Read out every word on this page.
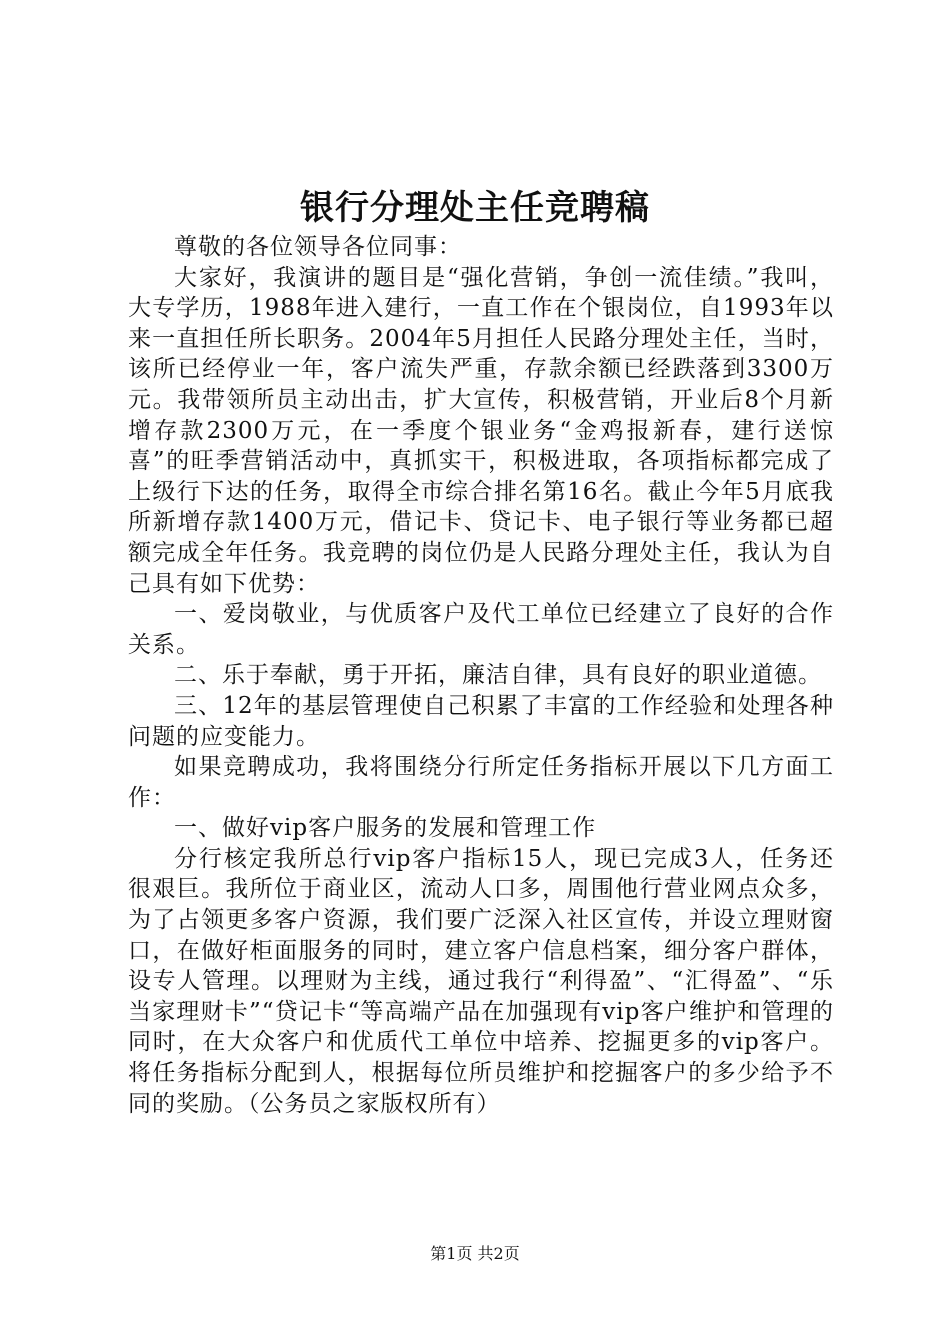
银行分理处主任竞聘稿

尊敬的各位领导各位同事：

大家好，我演讲的题目是“强化营销，争创一流佳绩。”我叫，大专学历，1988年进入建行，一直工作在个银岗位，自1993年以来一直担任所长职务。2004年5月担任人民路分理处主任，当时，该所已经停业一年，客户流失严重，存款余额已经跌落到3300万元。我带领所员主动出击，扩大宣传，积极营销，开业后8个月新增存款2300万元，在一季度个银业务“金鸡报新春，建行送惊喜”的旺季营销活动中，真抓实干，积极进取，各项指标都完成了上级行下达的任务，取得全市综合排名第16名。截止今年5月底我所新增存款1400万元，借记卡、贷记卡、电子银行等业务都已超额完成全年任务。我竞聘的岗位仍是人民路分理处主任，我认为自己具有如下优势：

一、爱岗敬业，与优质客户及代工单位已经建立了良好的合作关系。

二、乐于奉献，勇于开拓，廉洁自律，具有良好的职业道德。

三、12年的基层管理使自己积累了丰富的工作经验和处理各种问题的应变能力。

如果竞聘成功，我将围绕分行所定任务指标开展以下几方面工作：

一、做好vip客户服务的发展和管理工作

分行核定我所总行vip客户指标15人，现已完成3人，任务还很艰巨。我所位于商业区，流动人口多，周围他行营业网点众多，为了占领更多客户资源，我们要广泛深入社区宣传，并设立理财窗口，在做好柜面服务的同时，建立客户信息档案，细分客户群体，设专人管理。以理财为主线，通过我行“利得盈”、“汇得盈”、“乐当家理财卡”“贷记卡“等高端产品在加强现有vip客户维护和管理的同时，在大众客户和优质代工单位中培养、挖掘更多的vip客户。将任务指标分配到人，根据每位所员维护和挖掘客户的多少给予不同的奖励。（公务员之家版权所有）

第1页 共2页
